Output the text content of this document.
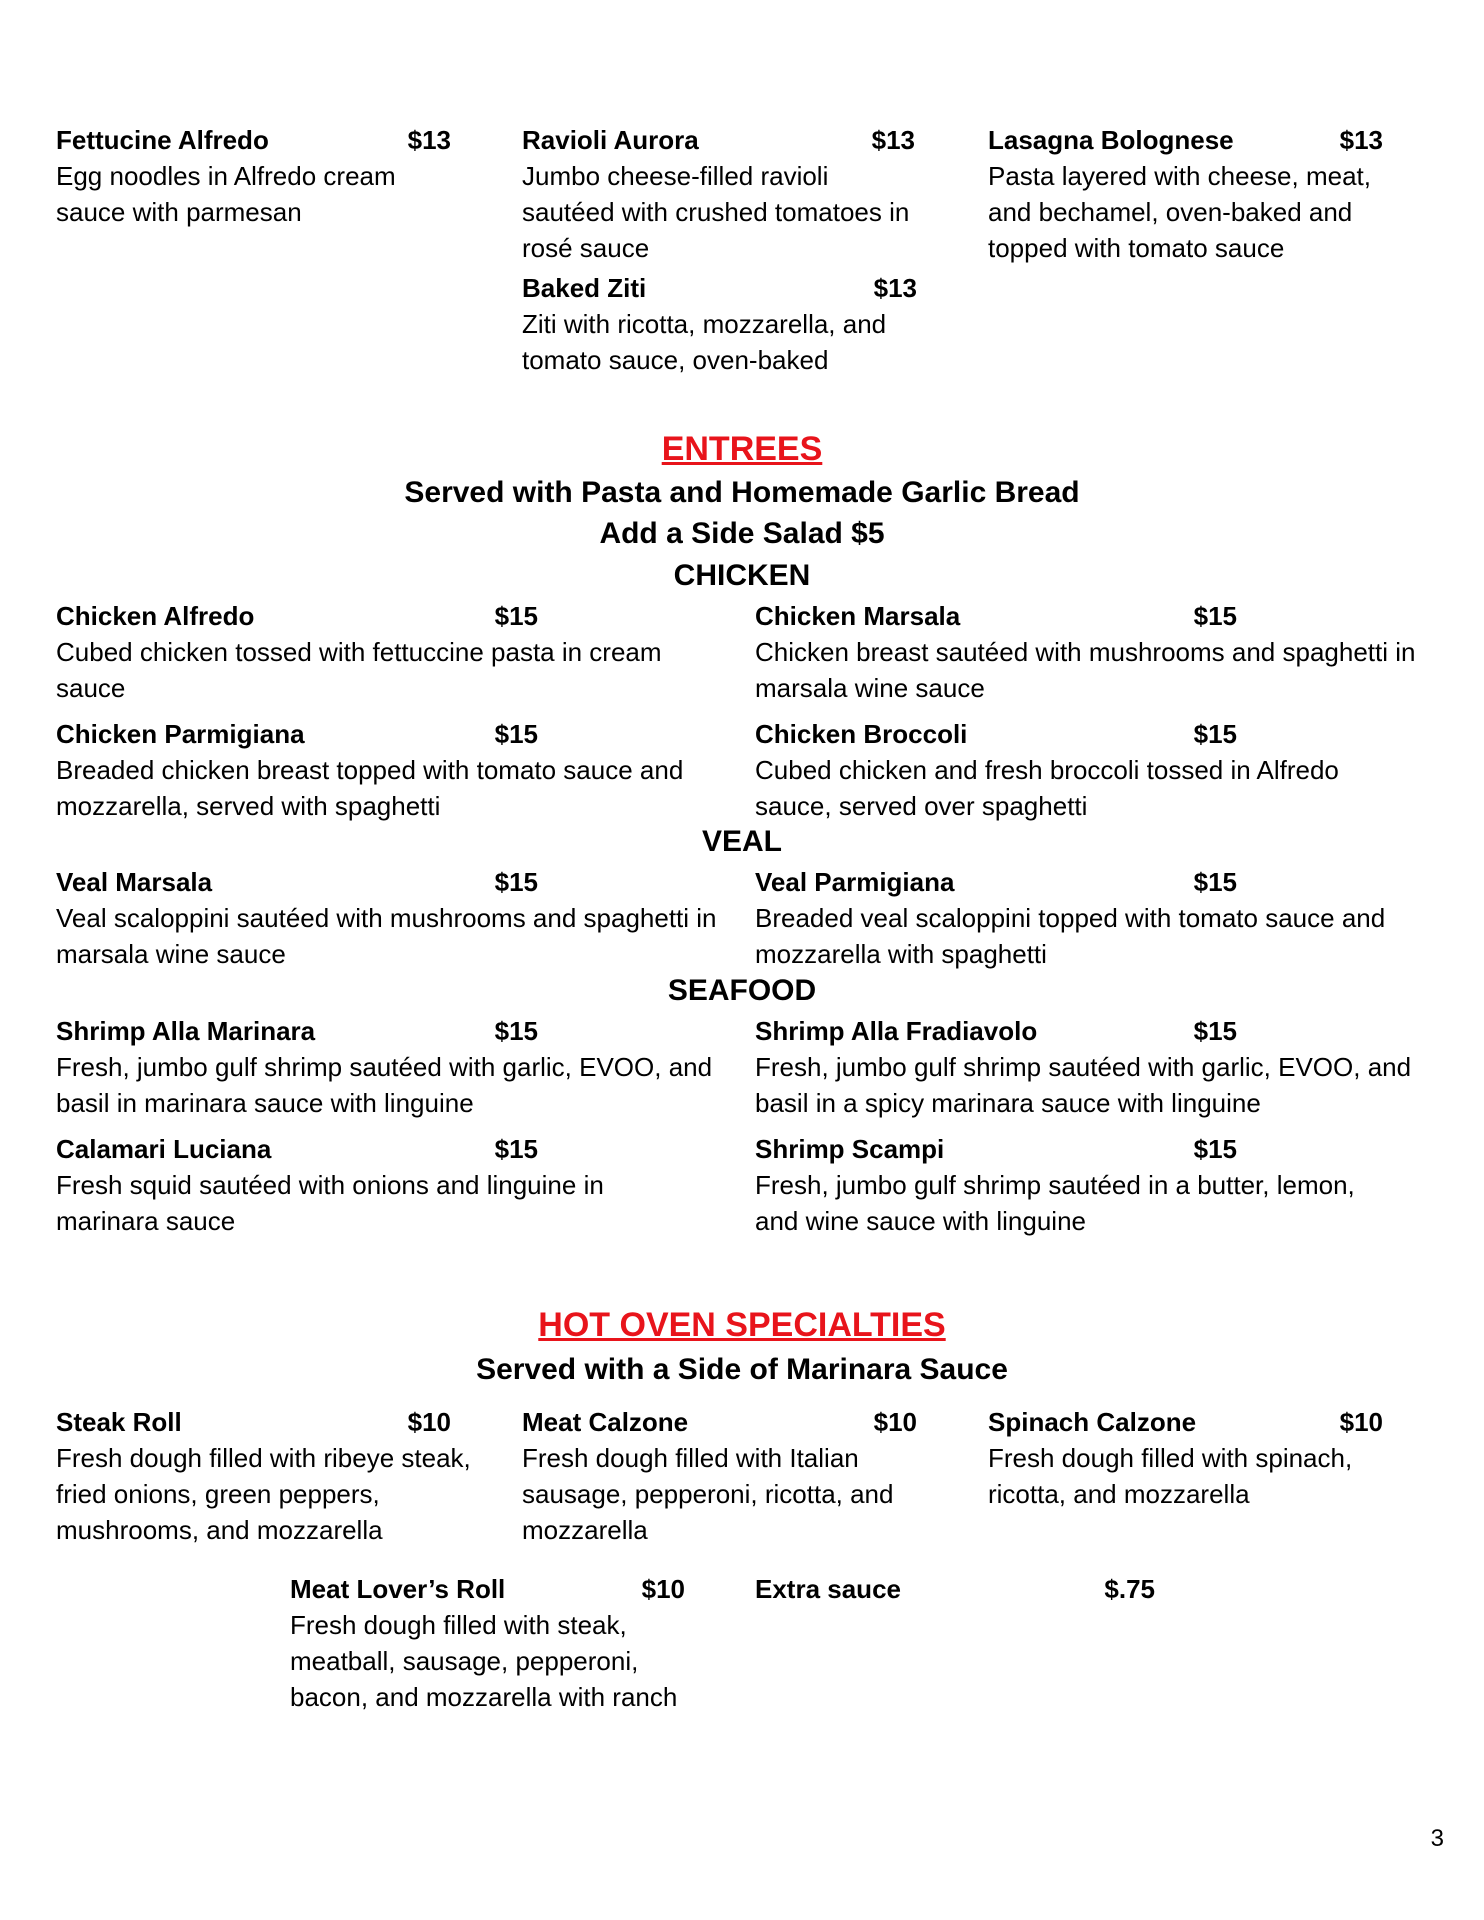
Fettucine Alfredo	$13
Egg noodles in Alfredo cream sauce with parmesan
Ravioli Aurora	$13
Jumbo cheese-filled ravioli sautéed with crushed tomatoes in rosé sauce
Lasagna Bolognese	$13
Pasta layered with cheese, meat, and bechamel, oven-baked and topped with tomato sauce
Baked Ziti	$13
Ziti with ricotta, mozzarella, and tomato sauce, oven-baked
ENTREES
Served with Pasta and Homemade Garlic Bread
Add a Side Salad $5
CHICKEN
Chicken Alfredo	$15
Cubed chicken tossed with fettuccine pasta in cream sauce
Chicken Marsala	$15
Chicken breast sautéed with mushrooms and spaghetti in marsala wine sauce
Chicken Parmigiana	$15
Breaded chicken breast topped with tomato sauce and mozzarella, served with spaghetti
Chicken Broccoli	$15
Cubed chicken and fresh broccoli tossed in Alfredo sauce, served over spaghetti
VEAL
Veal Marsala	$15
Veal scaloppini sautéed with mushrooms and spaghetti in marsala wine sauce
Veal Parmigiana	$15
Breaded veal scaloppini topped with tomato sauce and mozzarella with spaghetti
SEAFOOD
Shrimp Alla Marinara	$15
Fresh, jumbo gulf shrimp sautéed with garlic, EVOO, and basil in marinara sauce with linguine
Shrimp Alla Fradiavolo	$15
Fresh, jumbo gulf shrimp sautéed with garlic, EVOO, and basil in a spicy marinara sauce with linguine
Calamari Luciana	$15
Fresh squid sautéed with onions and linguine in marinara sauce
Shrimp Scampi	$15
Fresh, jumbo gulf shrimp sautéed in a butter, lemon, and wine sauce with linguine
HOT OVEN SPECIALTIES
Served with a Side of Marinara Sauce
Steak Roll	$10
Fresh dough filled with ribeye steak, fried onions, green peppers, mushrooms, and mozzarella
Meat Calzone	$10
Fresh dough filled with Italian sausage, pepperoni, ricotta, and mozzarella
Spinach Calzone	$10
Fresh dough filled with spinach, ricotta, and mozzarella
Meat Lover’s Roll	$10
Fresh dough filled with steak, meatball, sausage, pepperoni, bacon, and mozzarella with ranch
Extra sauce	$.75
3
